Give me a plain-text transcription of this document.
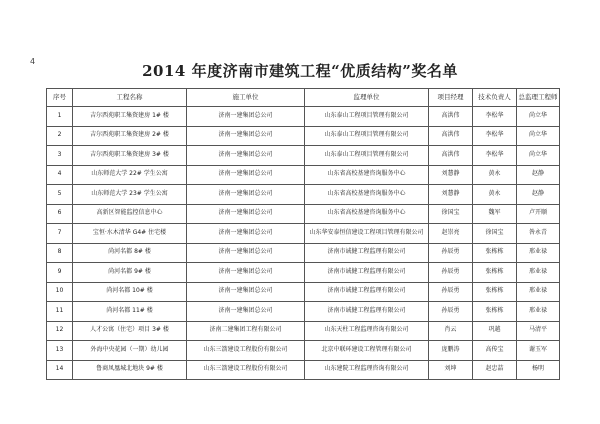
4
2014 年度济南市建筑工程“优质结构”奖名单
序号	工程名称	施工单位	监理单位	项目经理	技术负责人	总监理工程师
1	吉尔西苑职工集资建房 1# 楼	济南一建集团总公司	山东泰山工程项目管理有限公司	高洪伟	李松华	尚立华
2	吉尔西苑职工集资建房 2# 楼	济南一建集团总公司	山东泰山工程项目管理有限公司	高洪伟	李松华	尚立华
3	吉尔西苑职工集资建房 3# 楼	济南一建集团总公司	山东泰山工程项目管理有限公司	高洪伟	李松华	尚立华
4	山东师范大学 22# 学生公寓	济南一建集团总公司	山东省高校基建咨询服务中心	刘慧静	黄永	赵静
5	山东师范大学 23# 学生公寓	济南一建集团总公司	山东省高校基建咨询服务中心	刘慧静	黄永	赵静
6	高新区智能监控信息中心	济南一建集团总公司	山东省高校基建咨询服务中心	徐国宝	魏军	卢开顺
7	宝恒·水木清华 G4# 住宅楼	济南一建集团总公司	山东华安泰恒信建设工程项目管理有限公司	赵崇亮	徐国宝	咎永青
8	尚河名都 8# 楼	济南一建集团总公司	济南市诚健工程监理有限公司	孙辰勇	张栋栋	邢业禄
9	尚河名都 9# 楼	济南一建集团总公司	济南市诚健工程监理有限公司	孙辰勇	张栋栋	邢业禄
10	尚河名都 10# 楼	济南一建集团总公司	济南市诚健工程监理有限公司	孙辰勇	张栋栋	邢业禄
11	尚河名都 11# 楼	济南一建集团总公司	济南市诚健工程监理有限公司	孙辰勇	张栋栋	邢业禄
12	人才公寓（住宅）项目 3# 楼	济南二建集团工程有限公司	山东天柱工程监理咨询有限公司	肖云	巩越	马清平
13	外海中央花园（一期）幼儿园	山东三箭建设工程股份有限公司	北京中联环建设工程管理有限公司	庞鹏涛	高传宝	谢玉军
14	鲁商凤凰城北地块 9# 楼	山东三箭建设工程股份有限公司	山东建院工程监理咨询有限公司	刘坤	赵忠喆	杨明
